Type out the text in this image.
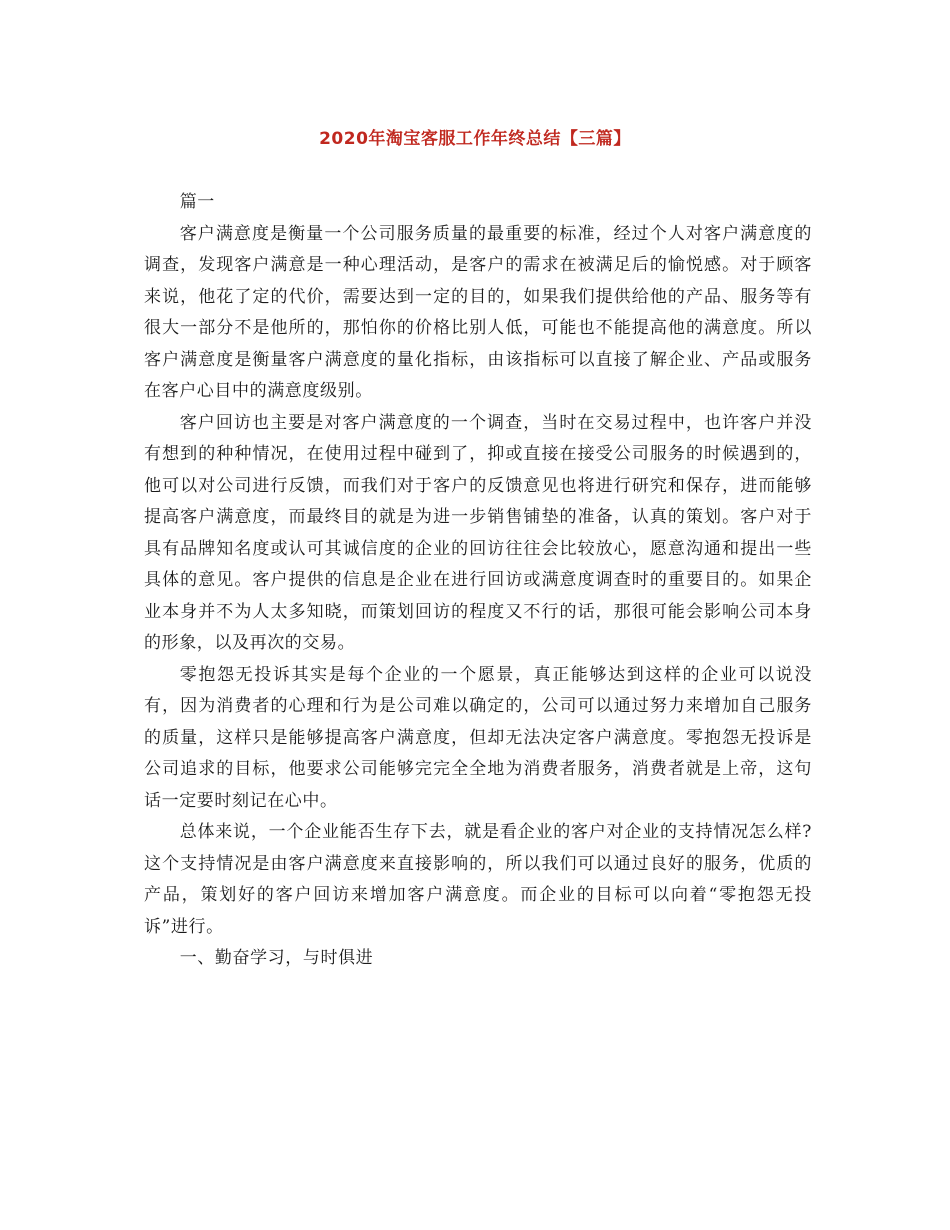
2020年淘宝客服工作年终总结【三篇】

篇一

客户满意度是衡量一个公司服务质量的最重要的标准，经过个人对客户满意度的调查，发现客户满意是一种心理活动，是客户的需求在被满足后的愉悦感。对于顾客来说，他花了定的代价，需要达到一定的目的，如果我们提供给他的产品、服务等有很大一部分不是他所的，那怕你的价格比别人低，可能也不能提高他的满意度。所以客户满意度是衡量客户满意度的量化指标，由该指标可以直接了解企业、产品或服务在客户心目中的满意度级别。

客户回访也主要是对客户满意度的一个调查，当时在交易过程中，也许客户并没有想到的种种情况，在使用过程中碰到了，抑或直接在接受公司服务的时候遇到的，他可以对公司进行反馈，而我们对于客户的反馈意见也将进行研究和保存，进而能够提高客户满意度，而最终目的就是为进一步销售铺垫的准备，认真的策划。客户对于具有品牌知名度或认可其诚信度的企业的回访往往会比较放心，愿意沟通和提出一些具体的意见。客户提供的信息是企业在进行回访或满意度调查时的重要目的。如果企业本身并不为人太多知晓，而策划回访的程度又不行的话，那很可能会影响公司本身的形象，以及再次的交易。

零抱怨无投诉其实是每个企业的一个愿景，真正能够达到这样的企业可以说没有，因为消费者的心理和行为是公司难以确定的，公司可以通过努力来增加自己服务的质量，这样只是能够提高客户满意度，但却无法决定客户满意度。零抱怨无投诉是公司追求的目标，他要求公司能够完完全全地为消费者服务，消费者就是上帝，这句话一定要时刻记在心中。

总体来说，一个企业能否生存下去，就是看企业的客户对企业的支持情况怎么样?这个支持情况是由客户满意度来直接影响的，所以我们可以通过良好的服务，优质的产品，策划好的客户回访来增加客户满意度。而企业的目标可以向着“零抱怨无投诉”进行。

一、勤奋学习，与时俱进
